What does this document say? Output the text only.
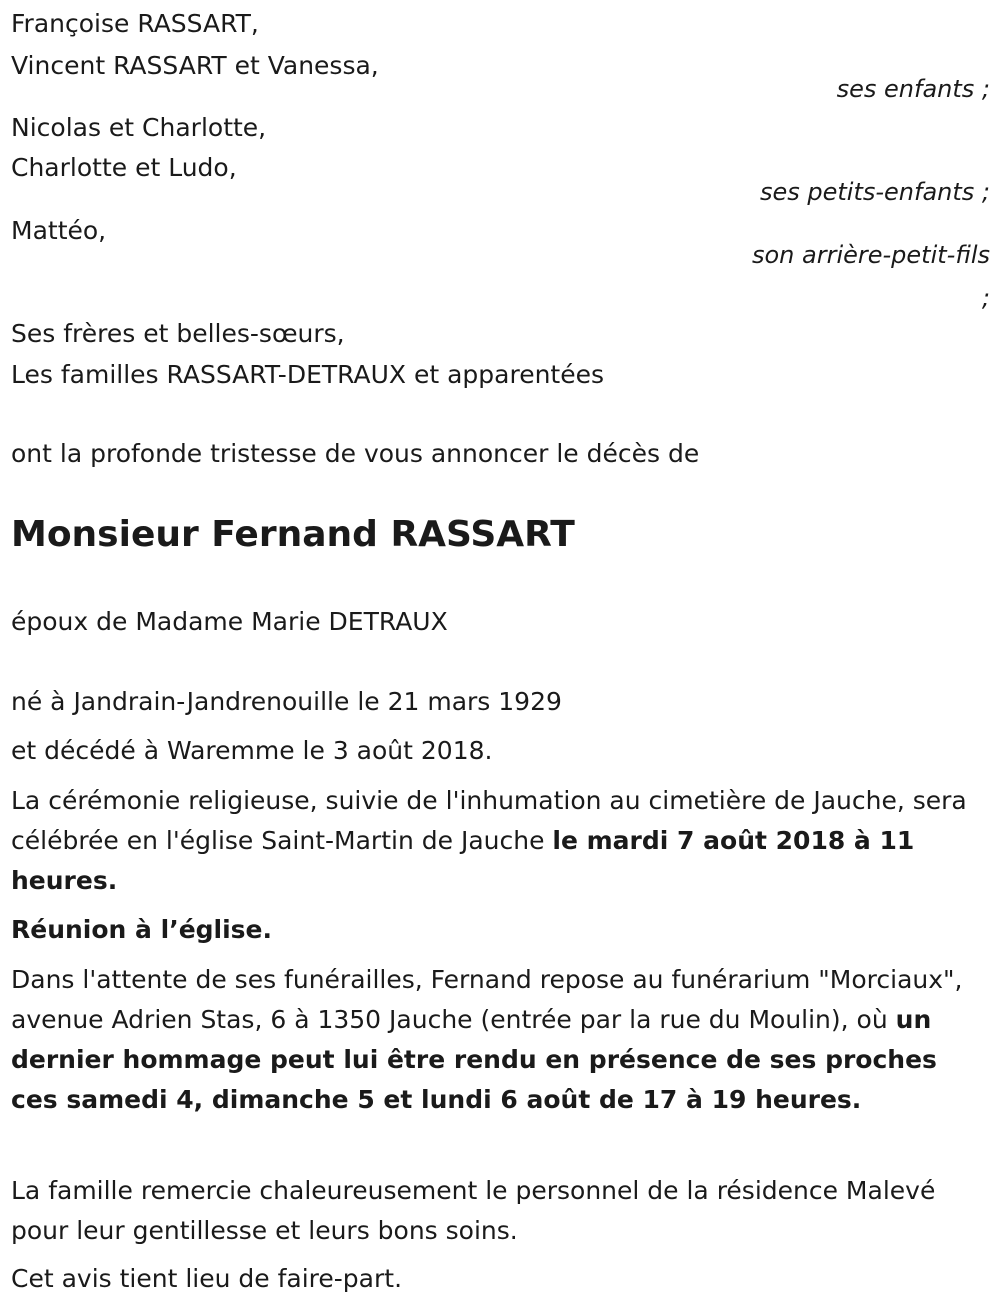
Françoise RASSART,
Vincent RASSART et Vanessa,
ses enfants ;
Nicolas et Charlotte,
Charlotte et Ludo,
ses petits-enfants ;
Mattéo,
son arrière-petit-fils
;
Ses frères et belles-sœurs,
Les familles RASSART-DETRAUX et apparentées
ont la profonde tristesse de vous annoncer le décès de
Monsieur Fernand RASSART
époux de Madame Marie DETRAUX
né à Jandrain-Jandrenouille le 21 mars 1929
et décédé à Waremme le 3 août 2018.
La cérémonie religieuse, suivie de l'inhumation au cimetière de Jauche, sera célébrée en l'église Saint-Martin de Jauche le mardi 7 août 2018 à 11 heures.
Réunion à l’église.
Dans l'attente de ses funérailles, Fernand repose au funérarium "Morciaux", avenue Adrien Stas, 6 à 1350 Jauche (entrée par la rue du Moulin), où un dernier hommage peut lui être rendu en présence de ses proches ces samedi 4, dimanche 5 et lundi 6 août de 17 à 19 heures.
La famille remercie chaleureusement le personnel de la résidence Malevé pour leur gentillesse et leurs bons soins.
Cet avis tient lieu de faire-part.
